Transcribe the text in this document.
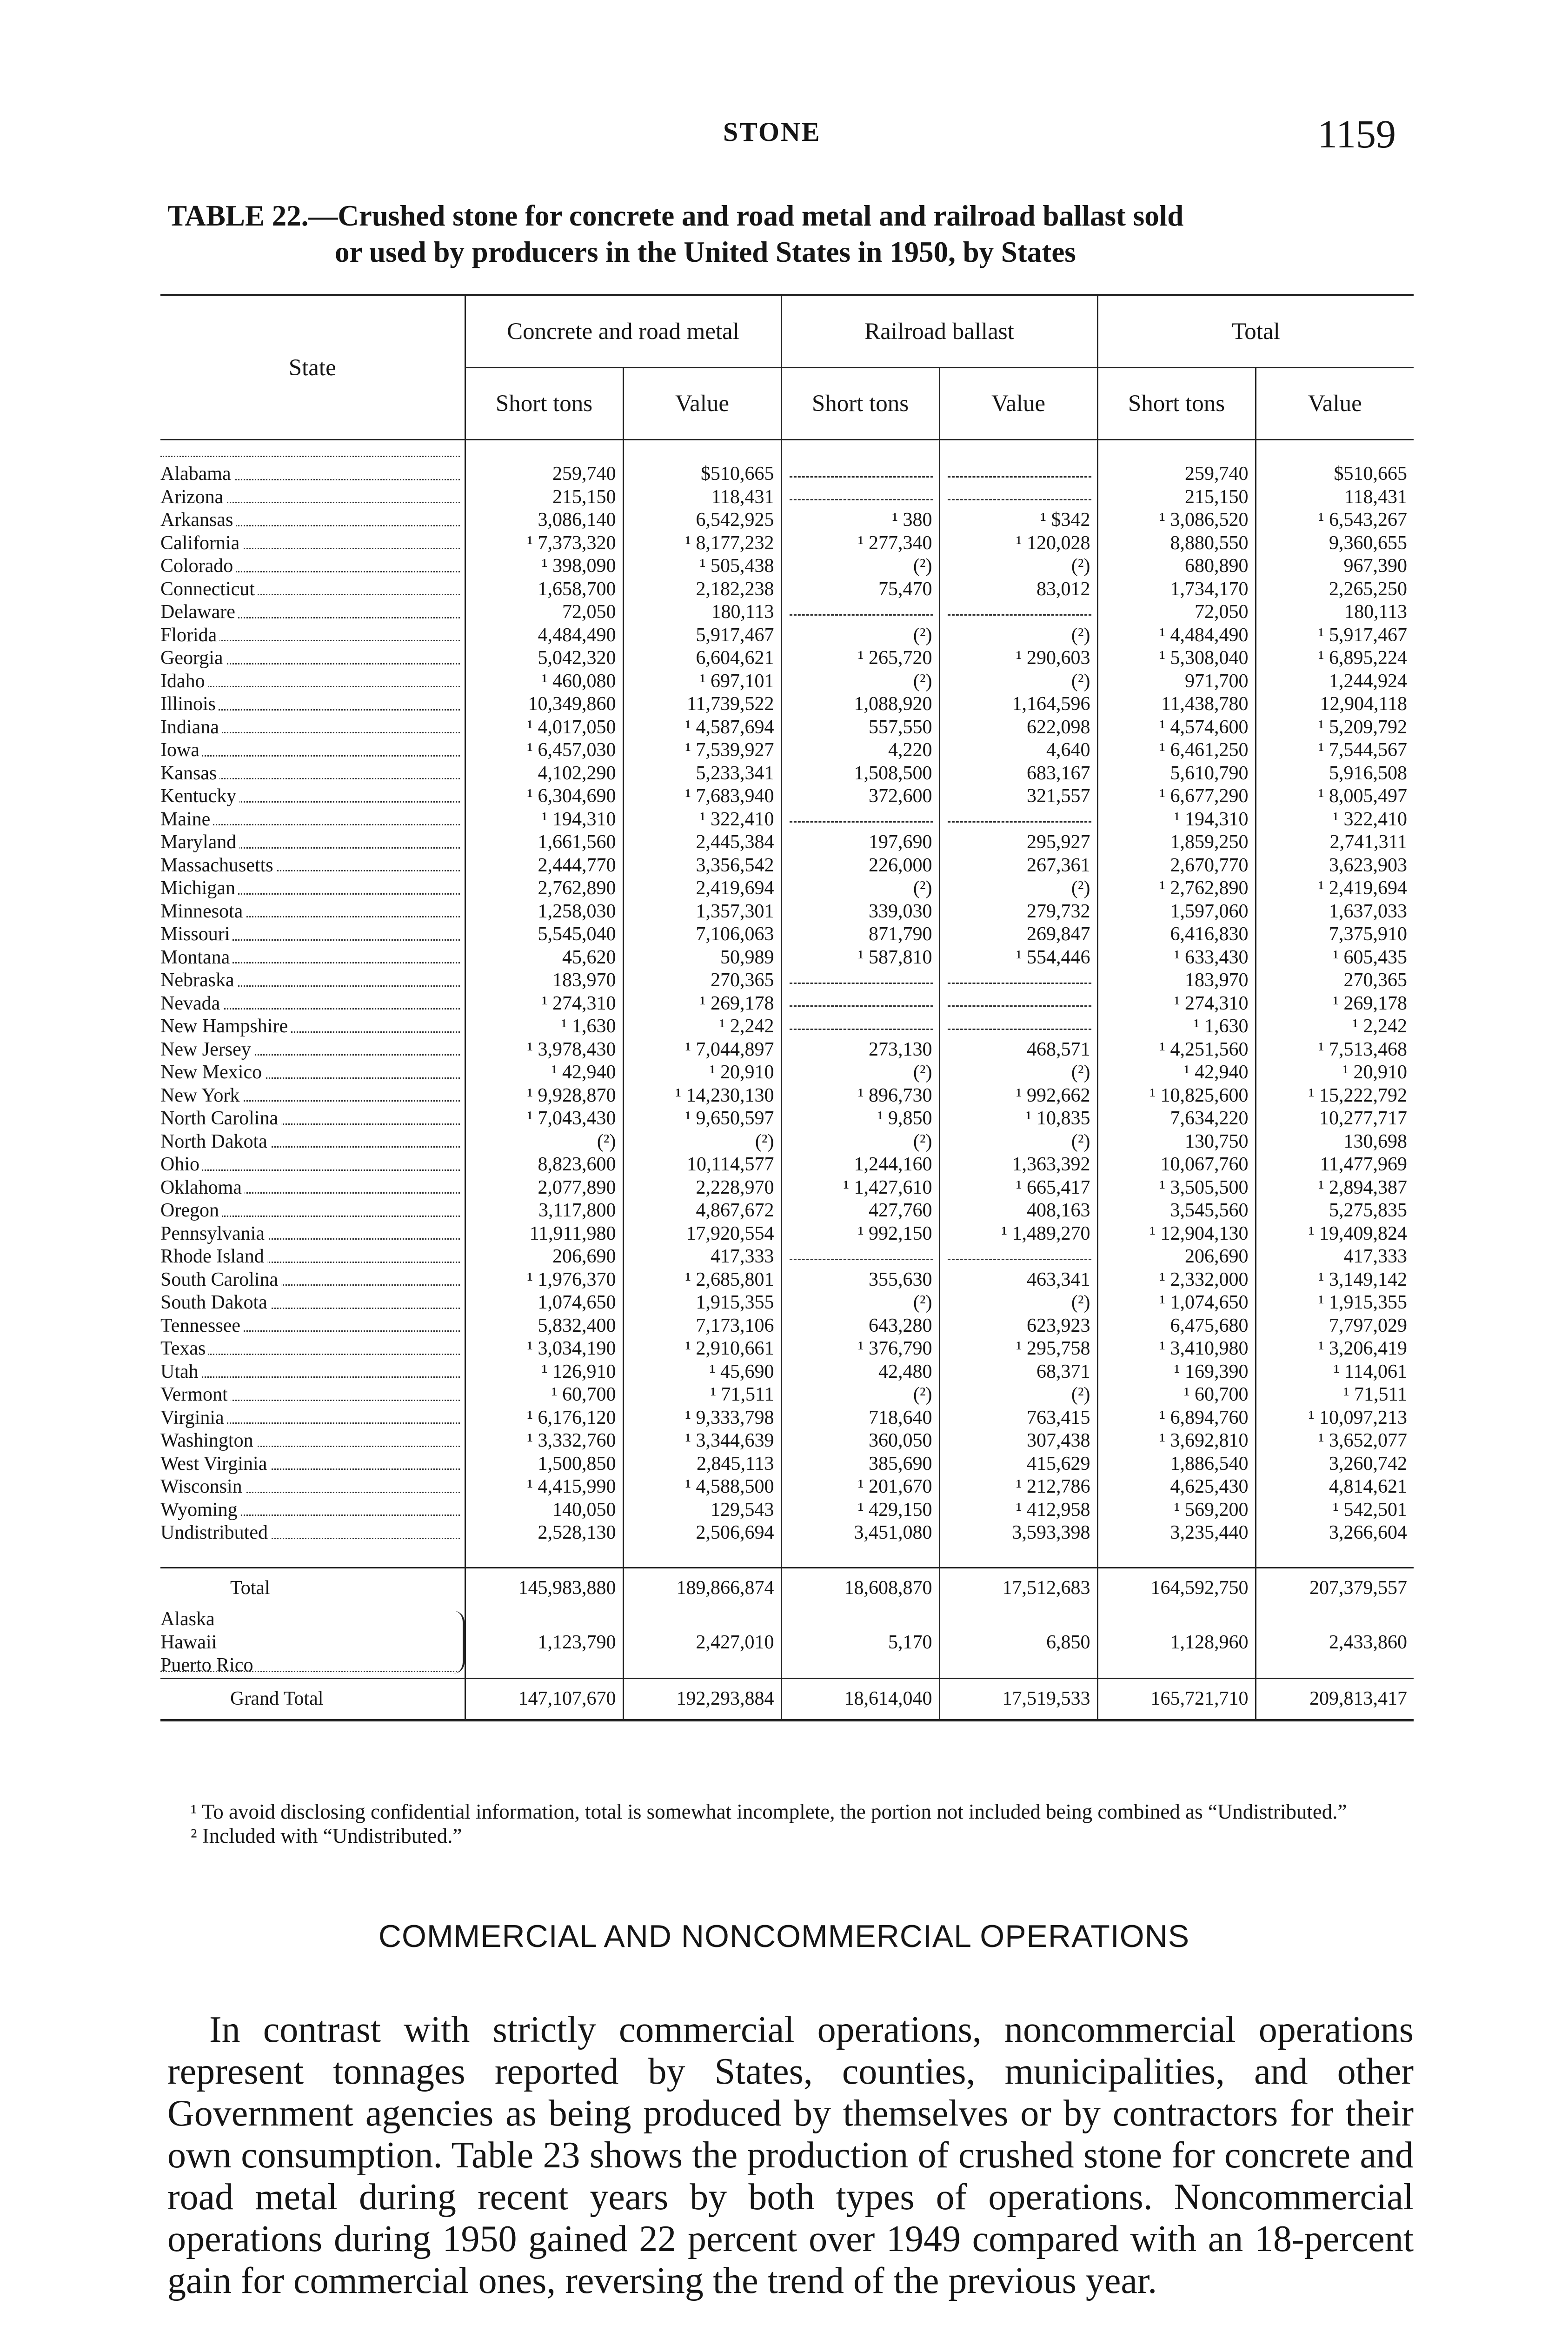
STONE	1159
TABLE 22.—Crushed stone for concrete and road metal and railroad ballast sold
or used by producers in the United States in 1950, by States
State	Concrete and road metal		Railroad ballast		Total	
	Short tons	Value	Short tons	Value	Short tons	Value

Alabama	259,740	$510,665			259,740	$510,665
Arizona	215,150	118,431			215,150	118,431
Arkansas	3,086,140	6,542,925	¹ 380	¹ $342	¹ 3,086,520	¹ 6,543,267
California	¹ 7,373,320	¹ 8,177,232	¹ 277,340	¹ 120,028	8,880,550	9,360,655
Colorado	¹ 398,090	¹ 505,438	(²)	(²)	680,890	967,390
Connecticut	1,658,700	2,182,238	75,470	83,012	1,734,170	2,265,250
Delaware	72,050	180,113			72,050	180,113
Florida	4,484,490	5,917,467	(²)	(²)	¹ 4,484,490	¹ 5,917,467
Georgia	5,042,320	6,604,621	¹ 265,720	¹ 290,603	¹ 5,308,040	¹ 6,895,224
Idaho	¹ 460,080	¹ 697,101	(²)	(²)	971,700	1,244,924
Illinois	10,349,860	11,739,522	1,088,920	1,164,596	11,438,780	12,904,118
Indiana	¹ 4,017,050	¹ 4,587,694	557,550	622,098	¹ 4,574,600	¹ 5,209,792
Iowa	¹ 6,457,030	¹ 7,539,927	4,220	4,640	¹ 6,461,250	¹ 7,544,567
Kansas	4,102,290	5,233,341	1,508,500	683,167	5,610,790	5,916,508
Kentucky	¹ 6,304,690	¹ 7,683,940	372,600	321,557	¹ 6,677,290	¹ 8,005,497
Maine	¹ 194,310	¹ 322,410			¹ 194,310	¹ 322,410
Maryland	1,661,560	2,445,384	197,690	295,927	1,859,250	2,741,311
Massachusetts	2,444,770	3,356,542	226,000	267,361	2,670,770	3,623,903
Michigan	2,762,890	2,419,694	(²)	(²)	¹ 2,762,890	¹ 2,419,694
Minnesota	1,258,030	1,357,301	339,030	279,732	1,597,060	1,637,033
Missouri	5,545,040	7,106,063	871,790	269,847	6,416,830	7,375,910
Montana	45,620	50,989	¹ 587,810	¹ 554,446	¹ 633,430	¹ 605,435
Nebraska	183,970	270,365			183,970	270,365
Nevada	¹ 274,310	¹ 269,178			¹ 274,310	¹ 269,178
New Hampshire	¹ 1,630	¹ 2,242			¹ 1,630	¹ 2,242
New Jersey	¹ 3,978,430	¹ 7,044,897	273,130	468,571	¹ 4,251,560	¹ 7,513,468
New Mexico	¹ 42,940	¹ 20,910	(²)	(²)	¹ 42,940	¹ 20,910
New York	¹ 9,928,870	¹ 14,230,130	¹ 896,730	¹ 992,662	¹ 10,825,600	¹ 15,222,792
North Carolina	¹ 7,043,430	¹ 9,650,597	¹ 9,850	¹ 10,835	7,634,220	10,277,717
North Dakota	(²)	(²)	(²)	(²)	130,750	130,698
Ohio	8,823,600	10,114,577	1,244,160	1,363,392	10,067,760	11,477,969
Oklahoma	2,077,890	2,228,970	¹ 1,427,610	¹ 665,417	¹ 3,505,500	¹ 2,894,387
Oregon	3,117,800	4,867,672	427,760	408,163	3,545,560	5,275,835
Pennsylvania	11,911,980	17,920,554	¹ 992,150	¹ 1,489,270	¹ 12,904,130	¹ 19,409,824
Rhode Island	206,690	417,333			206,690	417,333
South Carolina	¹ 1,976,370	¹ 2,685,801	355,630	463,341	¹ 2,332,000	¹ 3,149,142
South Dakota	1,074,650	1,915,355	(²)	(²)	¹ 1,074,650	¹ 1,915,355
Tennessee	5,832,400	7,173,106	643,280	623,923	6,475,680	7,797,029
Texas	¹ 3,034,190	¹ 2,910,661	¹ 376,790	¹ 295,758	¹ 3,410,980	¹ 3,206,419
Utah	¹ 126,910	¹ 45,690	42,480	68,371	¹ 169,390	¹ 114,061
Vermont	¹ 60,700	¹ 71,511	(²)	(²)	¹ 60,700	¹ 71,511
Virginia	¹ 6,176,120	¹ 9,333,798	718,640	763,415	¹ 6,894,760	¹ 10,097,213
Washington	¹ 3,332,760	¹ 3,344,639	360,050	307,438	¹ 3,692,810	¹ 3,652,077
West Virginia	1,500,850	2,845,113	385,690	415,629	1,886,540	3,260,742
Wisconsin	¹ 4,415,990	¹ 4,588,500	¹ 201,670	¹ 212,786	4,625,430	4,814,621
Wyoming	140,050	129,543	¹ 429,150	¹ 412,958	¹ 569,200	¹ 542,501
Undistributed	2,528,130	2,506,694	3,451,080	3,593,398	3,235,440	3,266,604

Total	145,983,880	189,866,874	18,608,870	17,512,683	164,592,750	207,379,557

Alaska
Hawaii
Puerto Rico	1,123,790	2,427,010	5,170	6,850	1,128,960	2,433,860
Grand Total	147,107,670	192,293,884	18,614,040	17,519,533	165,721,710	209,813,417
¹ To avoid disclosing confidential information, total is somewhat incomplete, the portion not included being combined as “Undistributed.”
² Included with “Undistributed.”
COMMERCIAL AND NONCOMMERCIAL OPERATIONS

In contrast with strictly commercial operations, noncommercial operations represent tonnages reported by States, counties, municipalities, and other Government agencies as being produced by themselves or by contractors for their own consumption. Table 23 shows the production of crushed stone for concrete and road metal during recent years by both types of operations. Noncommercial operations during 1950 gained 22 percent over 1949 compared with an 18-percent gain for commercial ones, reversing the trend of the previous year.
